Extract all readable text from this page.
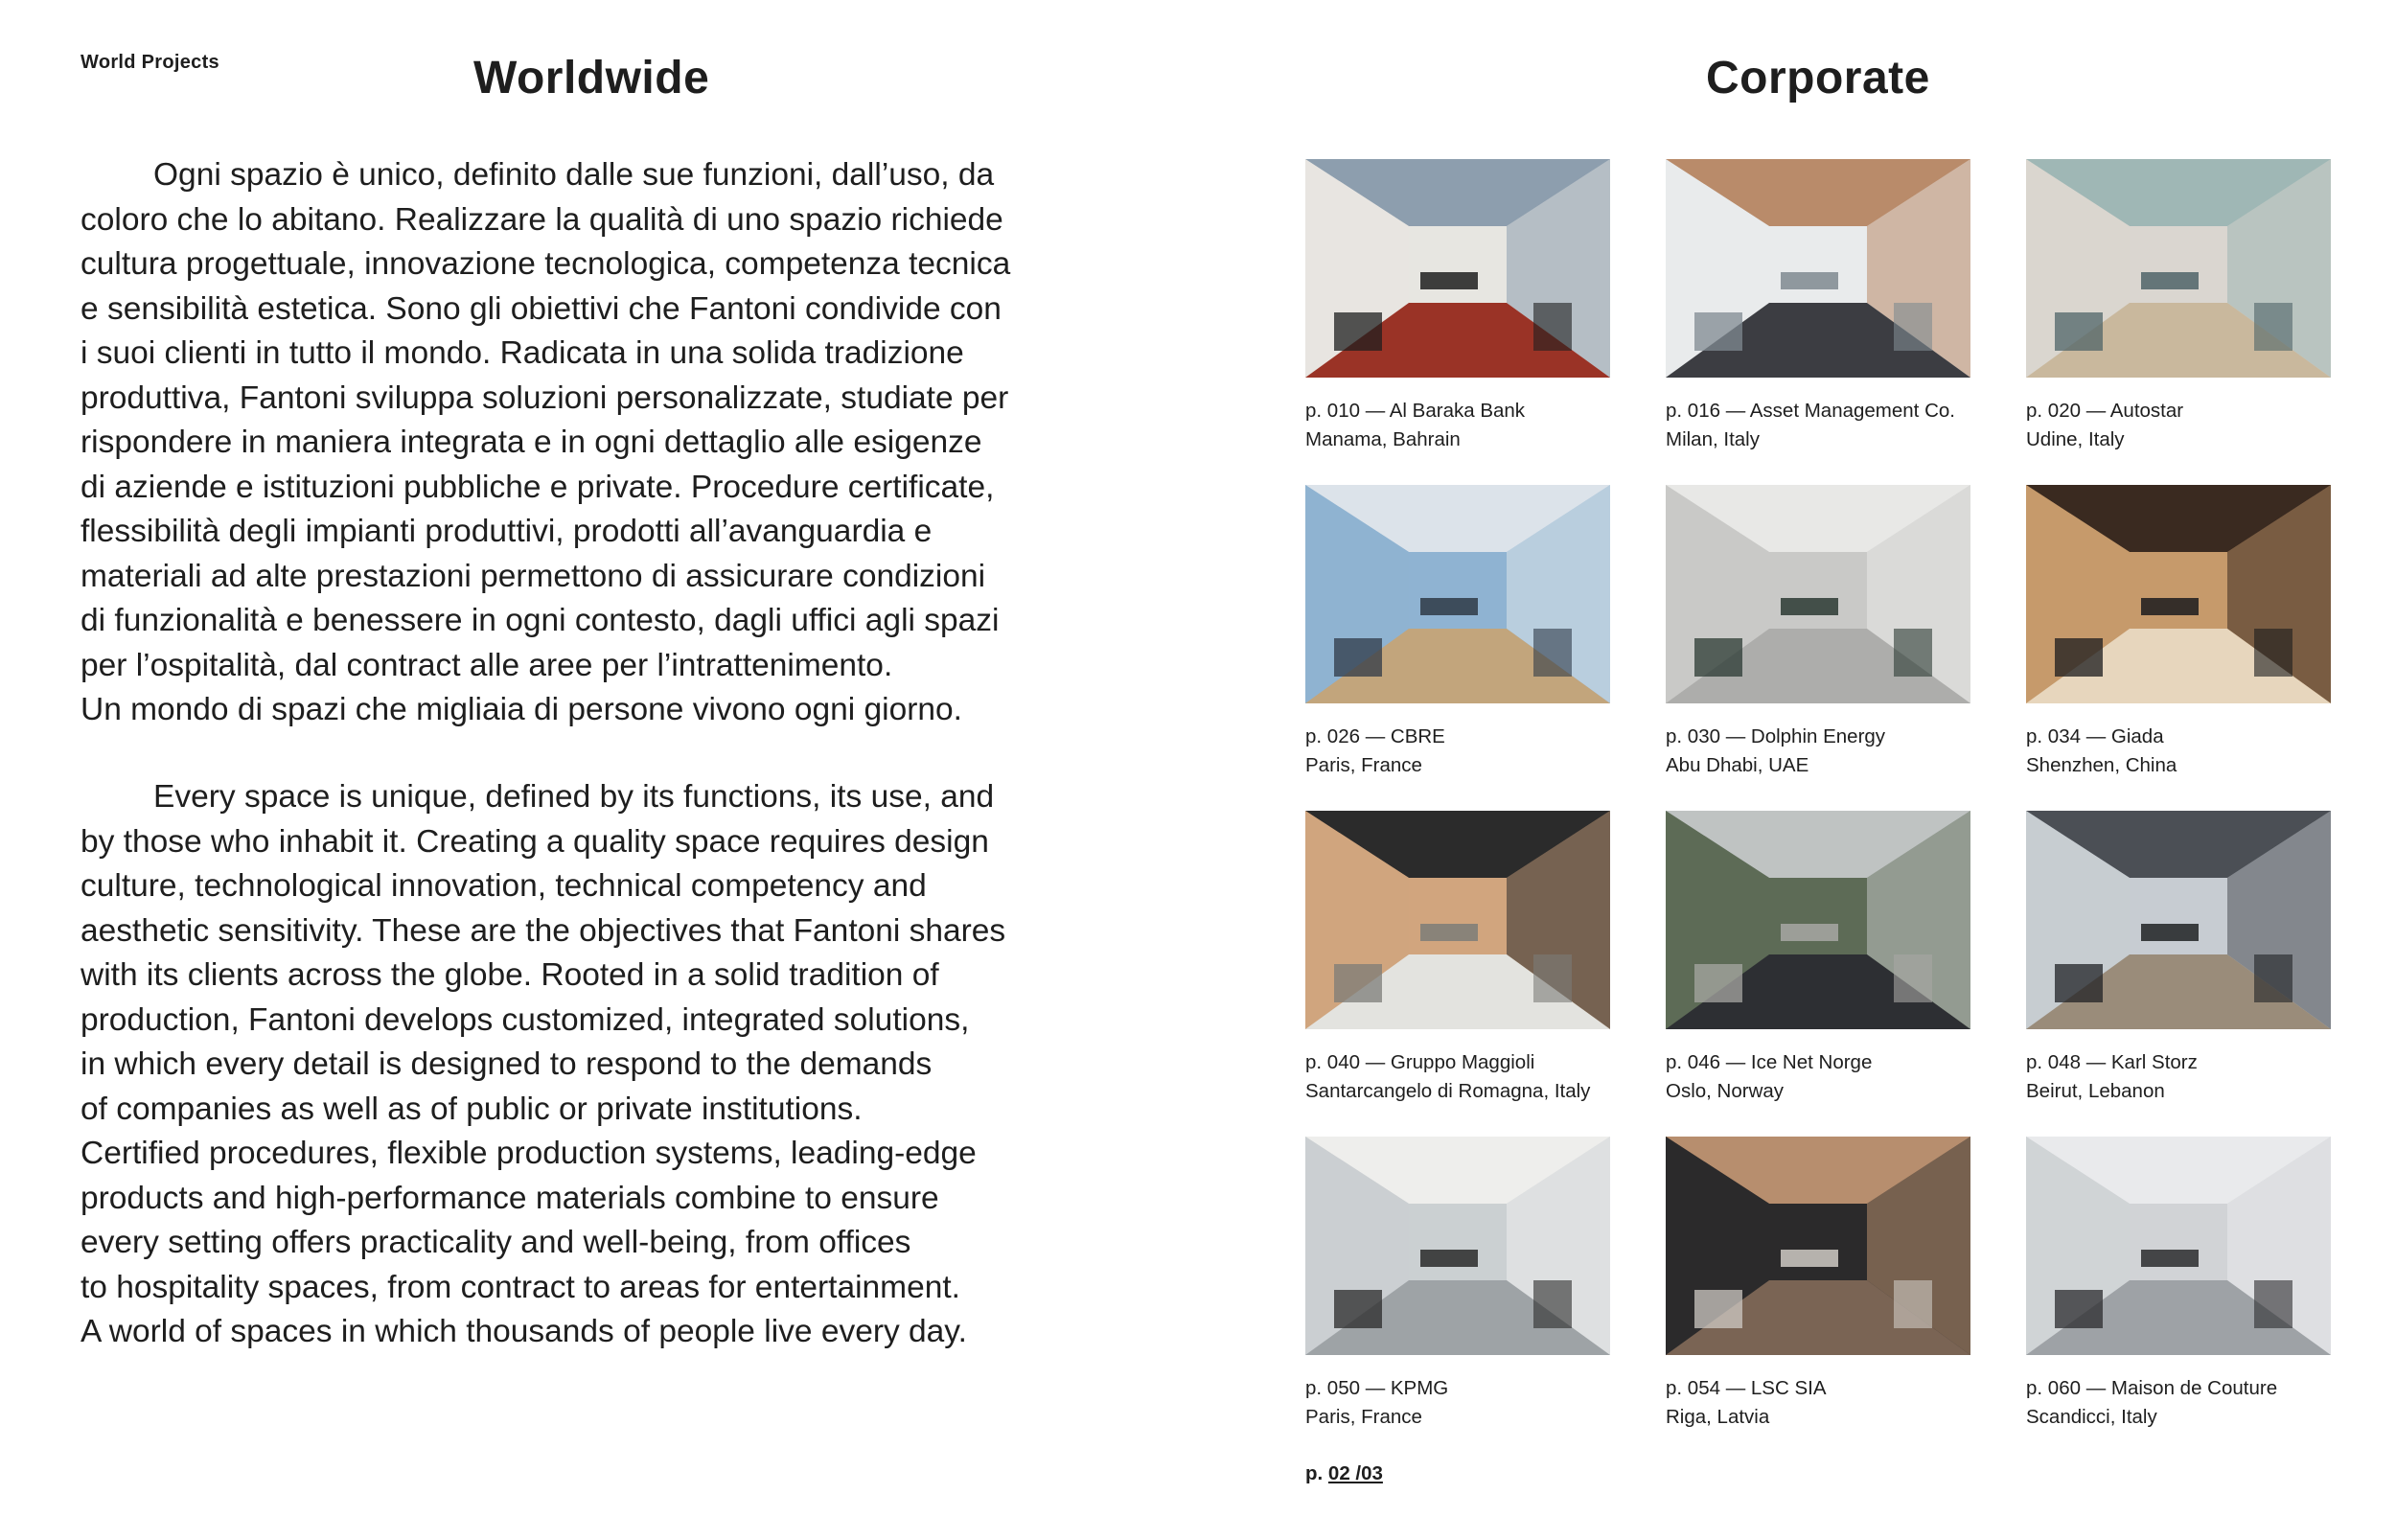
World Projects	Worldwide	Corporate

Ogni spazio è unico, definito dalle sue funzioni, dall’uso, da
coloro che lo abitano. Realizzare la qualità di uno spazio richiede
cultura progettuale, innovazione tecnologica, competenza tecnica
e sensibilità estetica. Sono gli obiettivi che Fantoni condivide con
i suoi clienti in tutto il mondo. Radicata in una solida tradizione
produttiva, Fantoni sviluppa soluzioni personalizzate, studiate per
rispondere in maniera integrata e in ogni dettaglio alle esigenze
di aziende e istituzioni pubbliche e private. Procedure certificate,
flessibilità degli impianti produttivi, prodotti all’avanguardia e
materiali ad alte prestazioni permettono di assicurare condizioni
di funzionalità e benessere in ogni contesto, dagli uffici agli spazi
per l’ospitalità, dal contract alle aree per l’intrattenimento.
Un mondo di spazi che migliaia di persone vivono ogni giorno.

Every space is unique, defined by its functions, its use, and
by those who inhabit it. Creating a quality space requires design
culture, technological innovation, technical competency and
aesthetic sensitivity. These are the objectives that Fantoni shares
with its clients across the globe. Rooted in a solid tradition of
production, Fantoni develops customized, integrated solutions,
in which every detail is designed to respond to the demands
of companies as well as of public or private institutions.
Certified procedures, flexible production systems, leading-edge
products and high-performance materials combine to ensure
every setting offers practicality and well-being, from offices
to hospitality spaces, from contract to areas for entertainment.
A world of spaces in which thousands of people live every day.

p. 010 — Al Baraka Bank
Manama, Bahrain
p. 016 — Asset Management Co.
Milan, Italy
p. 020 — Autostar
Udine, Italy
p. 026 — CBRE
Paris, France
p. 030 — Dolphin Energy
Abu Dhabi, UAE
p. 034 — Giada
Shenzhen, China
p. 040 — Gruppo Maggioli
Santarcangelo di Romagna, Italy
p. 046 — Ice Net Norge
Oslo, Norway
p. 048 — Karl Storz
Beirut, Lebanon
p. 050 — KPMG
Paris, France
p. 054 — LSC SIA
Riga, Latvia
p. 060 — Maison de Couture
Scandicci, Italy
p. 02 /03
